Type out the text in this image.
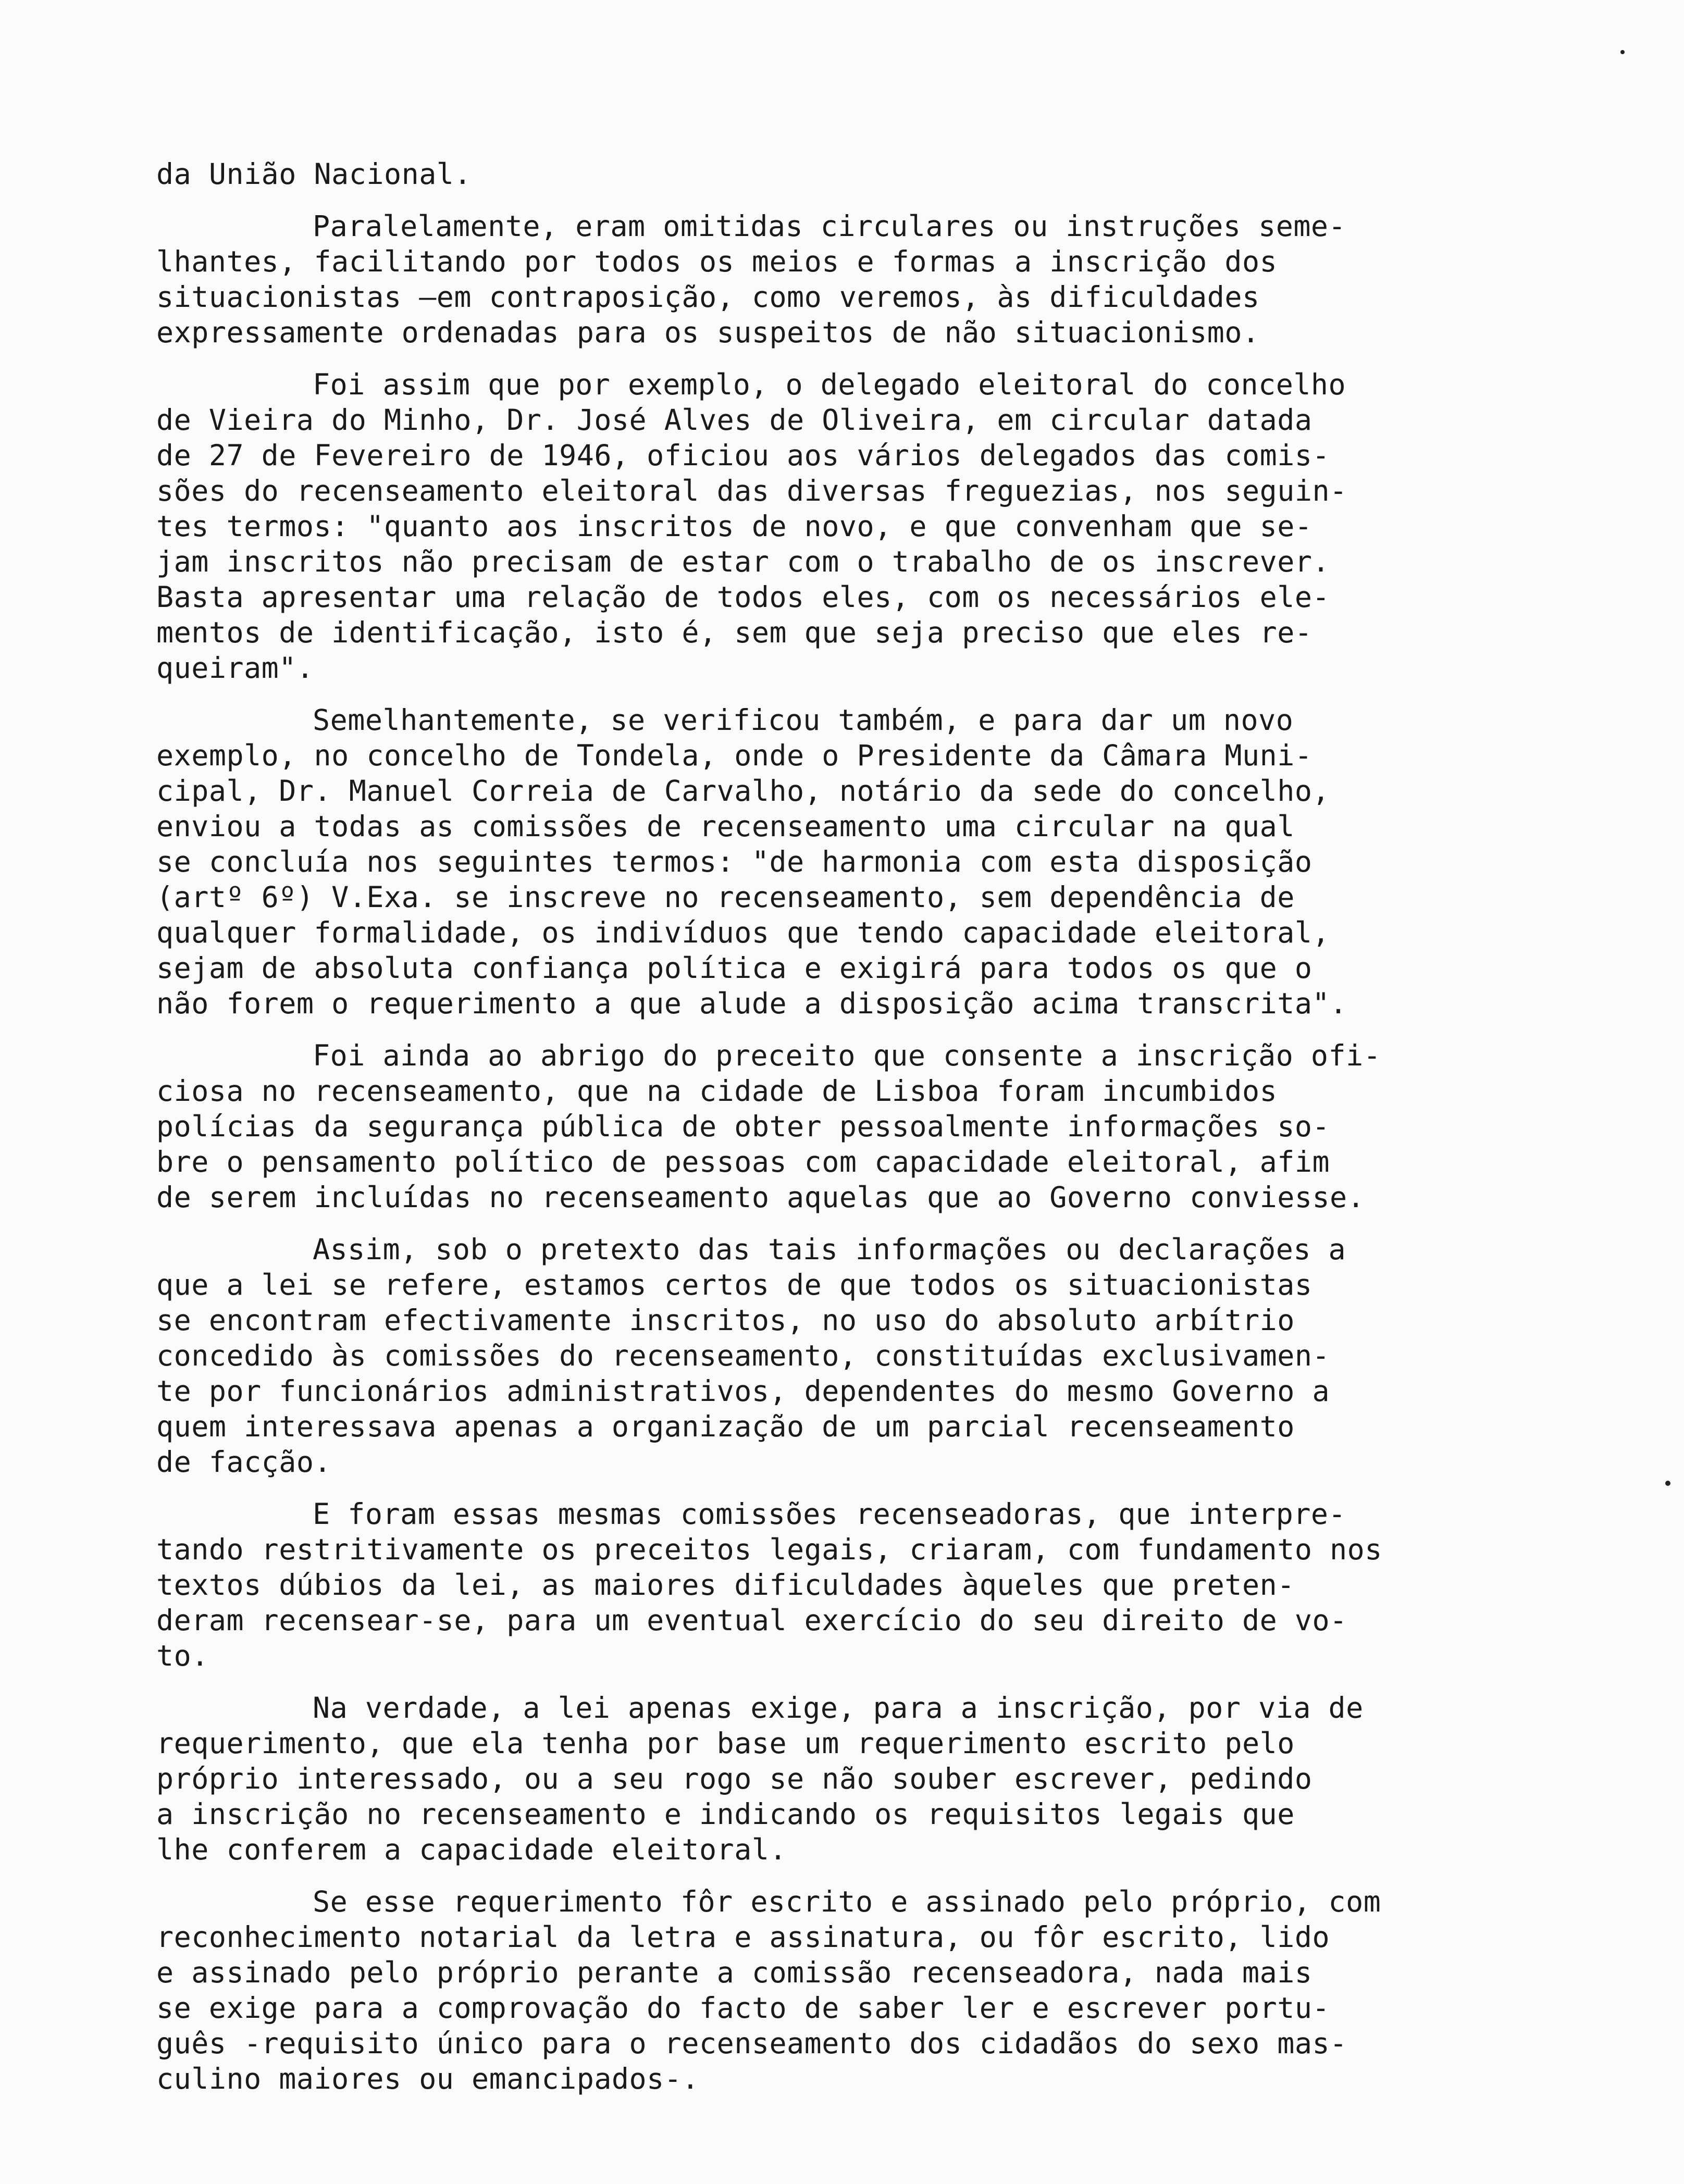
da União Nacional.
Paralelamente, eram omitidas circulares ou instruções seme-
lhantes, facilitando por todos os meios e formas a inscrição dos
situacionistas —em contraposição, como veremos, às dificuldades
expressamente ordenadas para os suspeitos de não situacionismo.
Foi assim que por exemplo, o delegado eleitoral do concelho
de Vieira do Minho, Dr. José Alves de Oliveira, em circular datada
de 27 de Fevereiro de 1946, oficiou aos vários delegados das comis-
sões do recenseamento eleitoral das diversas freguezias, nos seguin-
tes termos: "quanto aos inscritos de novo, e que convenham que se-
jam inscritos não precisam de estar com o trabalho de os inscrever.
Basta apresentar uma relação de todos eles, com os necessários ele-
mentos de identificação, isto é, sem que seja preciso que eles re-
queiram".
Semelhantemente, se verificou também, e para dar um novo
exemplo, no concelho de Tondela, onde o Presidente da Câmara Muni-
cipal, Dr. Manuel Correia de Carvalho, notário da sede do concelho,
enviou a todas as comissões de recenseamento uma circular na qual
se concluía nos seguintes termos: "de harmonia com esta disposição
(artº 6º) V.Exa. se inscreve no recenseamento, sem dependência de
qualquer formalidade, os indivíduos que tendo capacidade eleitoral,
sejam de absoluta confiança política e exigirá para todos os que o
não forem o requerimento a que alude a disposição acima transcrita".
Foi ainda ao abrigo do preceito que consente a inscrição ofi-
ciosa no recenseamento, que na cidade de Lisboa foram incumbidos
polícias da segurança pública de obter pessoalmente informações so-
bre o pensamento político de pessoas com capacidade eleitoral, afim
de serem incluídas no recenseamento aquelas que ao Governo conviesse.
Assim, sob o pretexto das tais informações ou declarações a
que a lei se refere, estamos certos de que todos os situacionistas
se encontram efectivamente inscritos, no uso do absoluto arbítrio
concedido às comissões do recenseamento, constituídas exclusivamen-
te por funcionários administrativos, dependentes do mesmo Governo a
quem interessava apenas a organização de um parcial recenseamento
de facção.
E foram essas mesmas comissões recenseadoras, que interpre-
tando restritivamente os preceitos legais, criaram, com fundamento nos
textos dúbios da lei, as maiores dificuldades àqueles que preten-
deram recensear-se, para um eventual exercício do seu direito de vo-
to.
Na verdade, a lei apenas exige, para a inscrição, por via de
requerimento, que ela tenha por base um requerimento escrito pelo
próprio interessado, ou a seu rogo se não souber escrever, pedindo
a inscrição no recenseamento e indicando os requisitos legais que
lhe conferem a capacidade eleitoral.
Se esse requerimento fôr escrito e assinado pelo próprio, com
reconhecimento notarial da letra e assinatura, ou fôr escrito, lido
e assinado pelo próprio perante a comissão recenseadora, nada mais
se exige para a comprovação do facto de saber ler e escrever portu-
guês -requisito único para o recenseamento dos cidadãos do sexo mas-
culino maiores ou emancipados-.
